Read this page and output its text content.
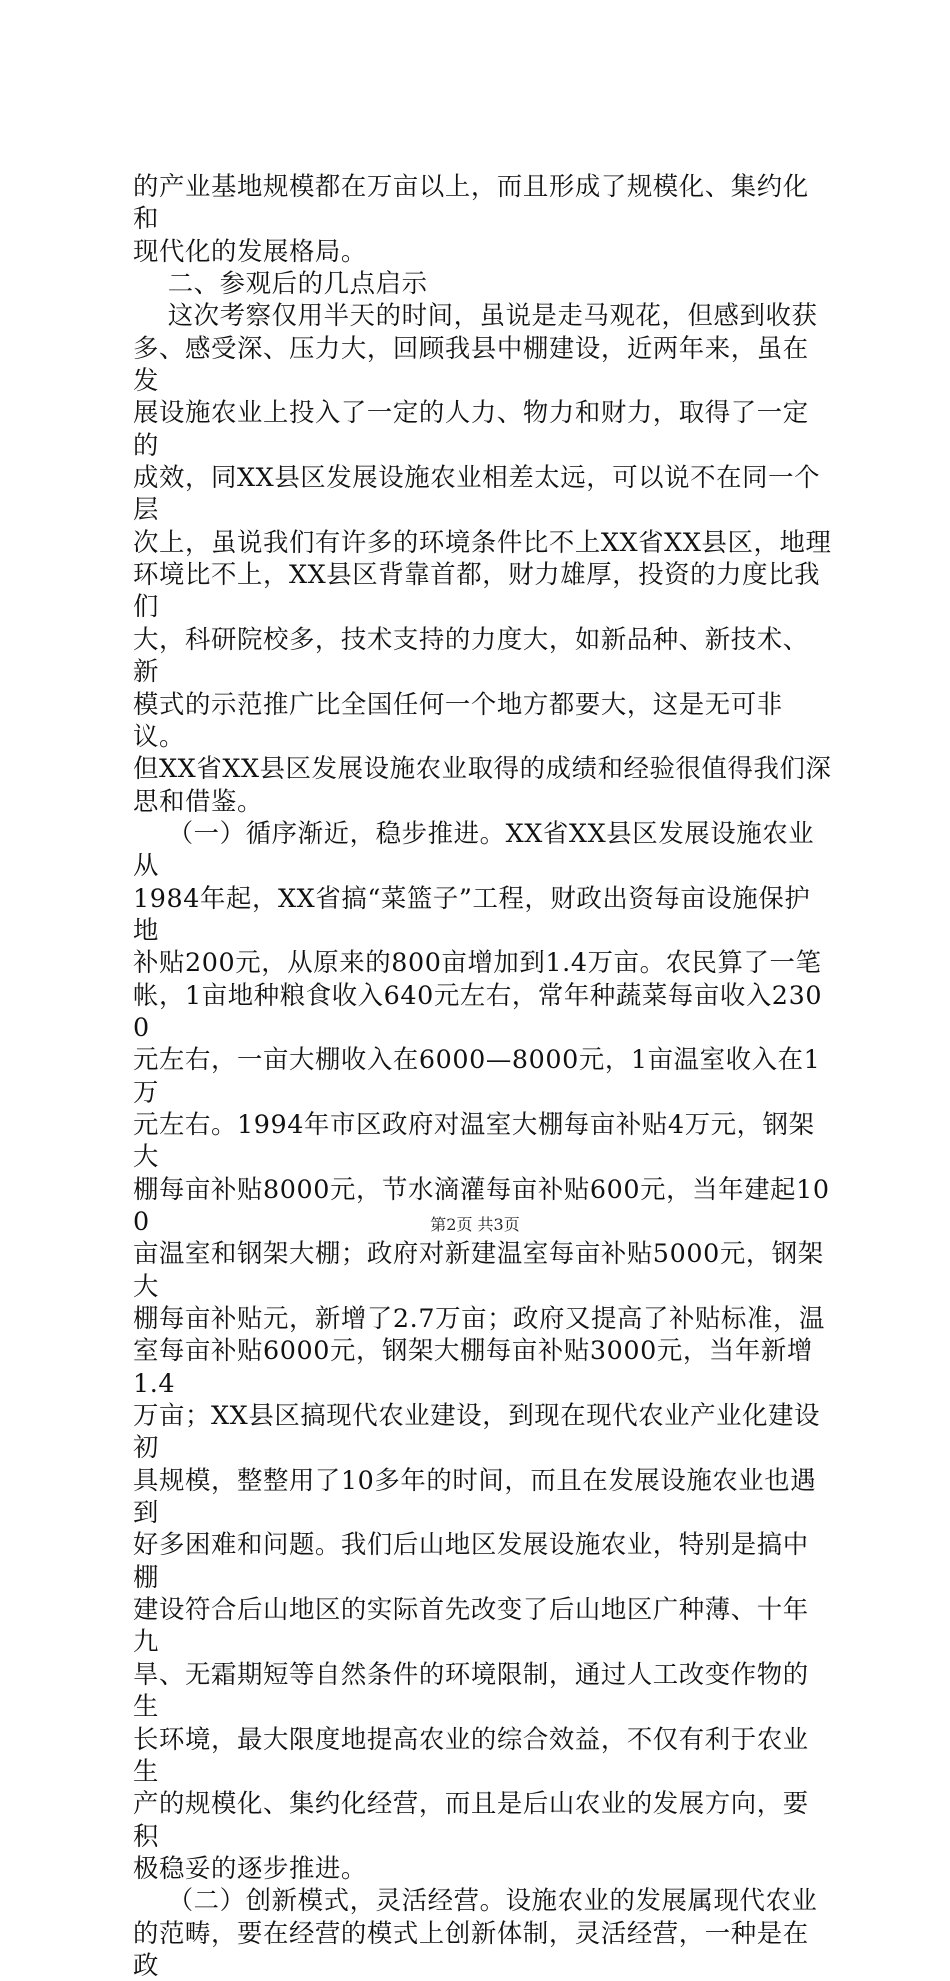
的产业基地规模都在万亩以上，而且形成了规模化、集约化和

现代化的发展格局。

二、参观后的几点启示

这次考察仅用半天的时间，虽说是走马观花，但感到收获

多、感受深、压力大，回顾我县中棚建设，近两年来，虽在发

展设施农业上投入了一定的人力、物力和财力，取得了一定的

成效，同XX县区发展设施农业相差太远，可以说不在同一个层

次上，虽说我们有许多的环境条件比不上XX省XX县区，地理

环境比不上，XX县区背靠首都，财力雄厚，投资的力度比我们

大，科研院校多，技术支持的力度大，如新品种、新技术、新

模式的示范推广比全国任何一个地方都要大，这是无可非议。

但XX省XX县区发展设施农业取得的成绩和经验很值得我们深

思和借鉴。

（一）循序渐近，稳步推进。XX省XX县区发展设施农业从

1984年起，XX省搞“菜篮子”工程，财政出资每亩设施保护地

补贴200元，从原来的800亩增加到1.4万亩。农民算了一笔

帐，1亩地种粮食收入640元左右，常年种蔬菜每亩收入2300

元左右，一亩大棚收入在6000—8000元，1亩温室收入在1万

元左右。1994年市区政府对温室大棚每亩补贴4万元，钢架大

棚每亩补贴8000元，节水滴灌每亩补贴600元，当年建起100

亩温室和钢架大棚；政府对新建温室每亩补贴5000元，钢架大

棚每亩补贴元，新增了2.7万亩；政府又提高了补贴标准，温

室每亩补贴6000元，钢架大棚每亩补贴3000元，当年新增1.4

万亩；XX县区搞现代农业建设，到现在现代农业产业化建设初

具规模，整整用了10多年的时间，而且在发展设施农业也遇到

好多困难和问题。我们后山地区发展设施农业，特别是搞中棚

建设符合后山地区的实际首先改变了后山地区广种薄、十年九

旱、无霜期短等自然条件的环境限制，通过人工改变作物的生

长环境，最大限度地提高农业的综合效益，不仅有利于农业生

产的规模化、集约化经营，而且是后山农业的发展方向，要积

极稳妥的逐步推进。

（二）创新模式，灵活经营。设施农业的发展属现代农业

的范畴，要在经营的模式上创新体制，灵活经营，一种是在政

第2页 共3页
